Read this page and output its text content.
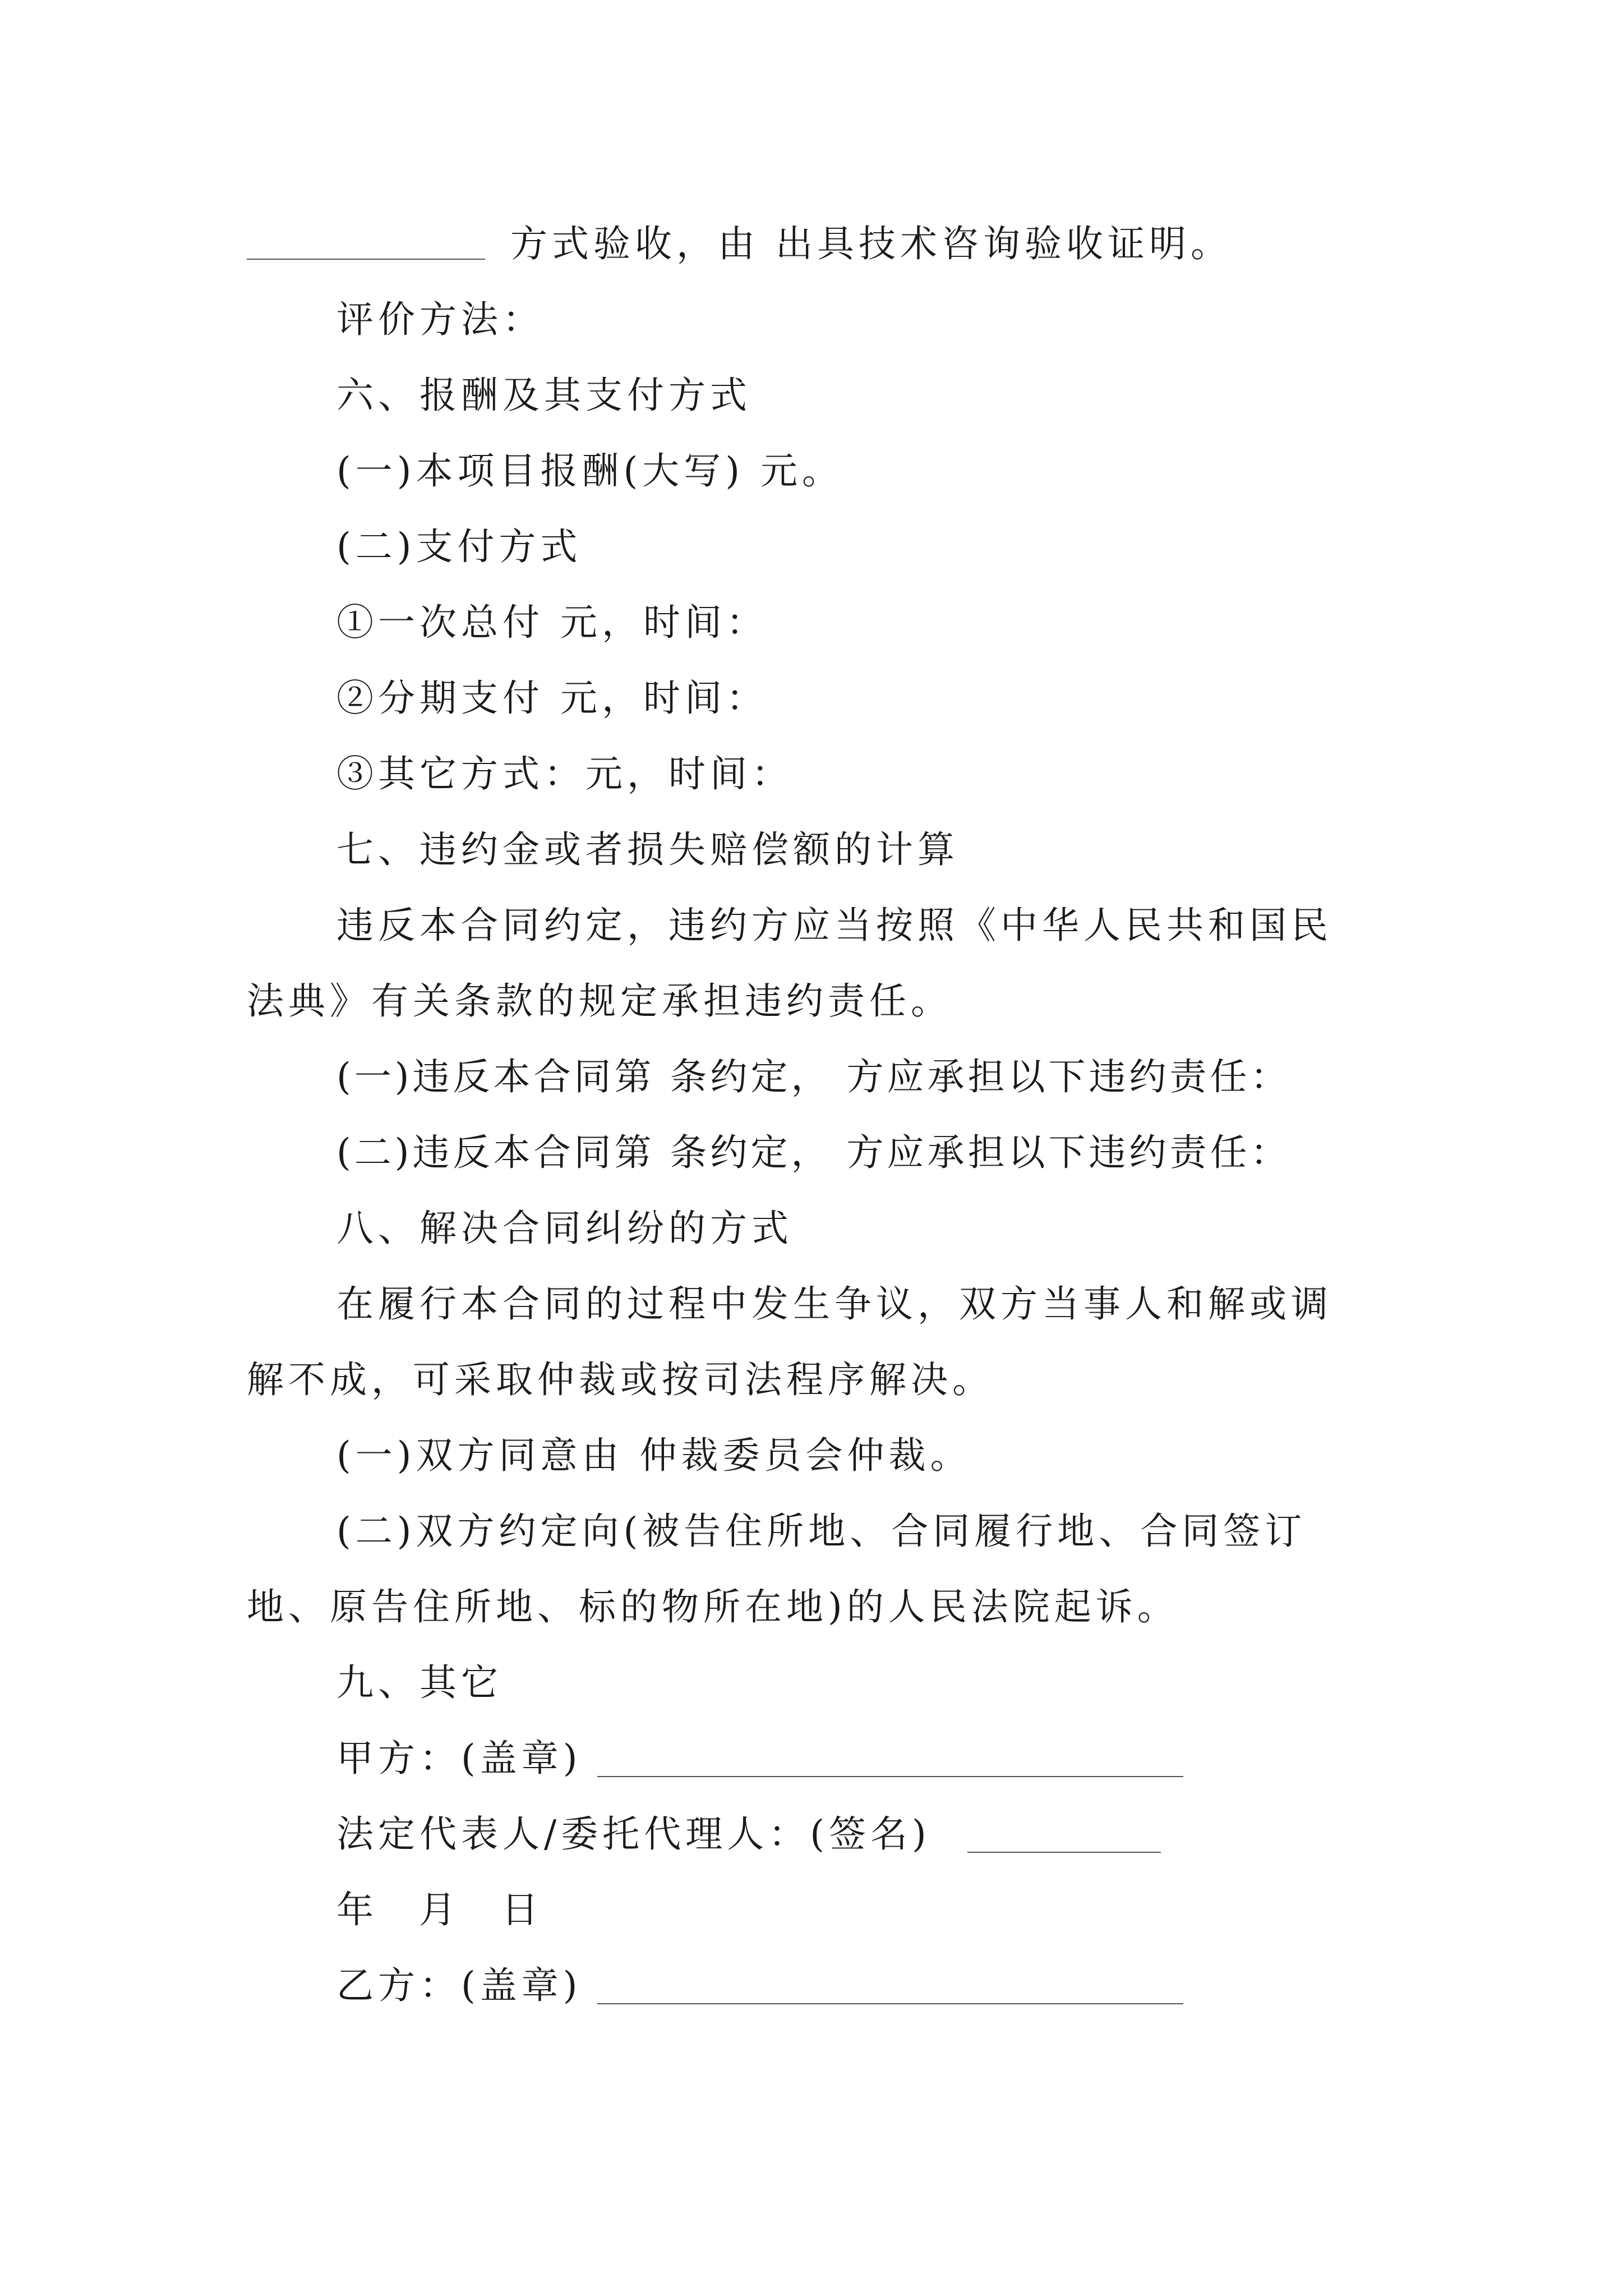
方式验收，由 出具技术咨询验收证明。
评价方法：
六、报酬及其支付方式
(一)本项目报酬(大写) 元。
(二)支付方式
①一次总付 元，时间：
②分期支付 元，时间：
③其它方式：元，时间：
七、违约金或者损失赔偿额的计算
违反本合同约定，违约方应当按照《中华人民共和国民
法典》有关条款的规定承担违约责任。
(一)违反本合同第 条约定， 方应承担以下违约责任：
(二)违反本合同第 条约定， 方应承担以下违约责任：
八、解决合同纠纷的方式
在履行本合同的过程中发生争议，双方当事人和解或调
解不成，可采取仲裁或按司法程序解决。
(一)双方同意由 仲裁委员会仲裁。
(二)双方约定向(被告住所地、合同履行地、合同签订
地、原告住所地、标的物所在地)的人民法院起诉。
九、其它
甲方：(盖章)
法定代表人/委托代理人：(签名)
年 月 日
乙方：(盖章)
